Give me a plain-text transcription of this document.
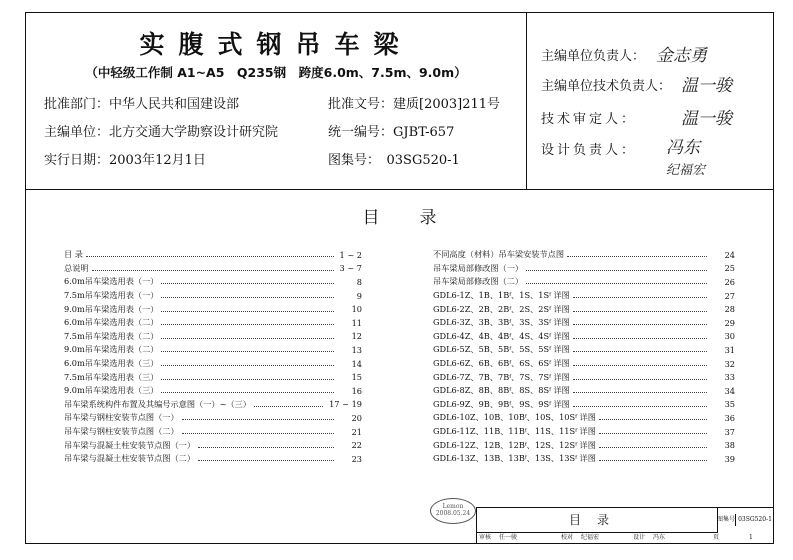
实腹式钢吊车梁
（中轻级工作制 A1~A5　Q235钢　跨度6.0m、7.5m、9.0m）
批准部门：中华人民共和国建设部	批准文号：建质[2003]211号
主编单位：北方交通大学勘察设计研究院	统一编号：GJBT-657
实行日期：2003年12月1日	图集号：　03SG520-1
主编单位负责人： 金志勇
主编单位技术负责人： 温一骏
技术审定人：	温一骏
设计负责人： 冯东
纪福宏
目录
目 录	1 ~ 2
总说明	3 ~ 7
6.0m吊车梁选用表（一）	8
7.5m吊车梁选用表（一）	9
9.0m吊车梁选用表（一）	10
6.0m吊车梁选用表（二）	11
7.5m吊车梁选用表（二）	12
9.0m吊车梁选用表（二）	13
6.0m吊车梁选用表（三）	14
7.5m吊车梁选用表（三）	15
9.0m吊车梁选用表（三）	16
吊车梁系统构件布置及其编号示意图（一）~（三）	17 ~ 19
吊车梁与钢柱安装节点图（一）	20
吊车梁与钢柱安装节点图（二）	21
吊车梁与混凝土柱安装节点图（一）	22
吊车梁与混凝土柱安装节点图（二）	23
不同高度（材料）吊车梁安装节点图	24
吊车梁局部修改图（一）	25
吊车梁局部修改图（二）	26
GDL6-1Z、1B、1Bᶠ、1S、1Sᶠ 详图	27
GDL6-2Z、2B、2Bᶠ、2S、2Sᶠ 详图	28
GDL6-3Z、3B、3Bᶠ、3S、3Sᶠ 详图	29
GDL6-4Z、4B、4Bᶠ、4S、4Sᶠ 详图	30
GDL6-5Z、5B、5Bᶠ、5S、5Sᶠ 详图	31
GDL6-6Z、6B、6Bᶠ、6S、6Sᶠ 详图	32
GDL6-7Z、7B、7Bᶠ、7S、7Sᶠ 详图	33
GDL6-8Z、8B、8Bᶠ、8S、8Sᶠ 详图	34
GDL6-9Z、9B、9Bᶠ、9S、9Sᶠ 详图	35
GDL6-10Z、10B、10Bᶠ、10S、10Sᶠ 详图	36
GDL6-11Z、11B、11Bᶠ、11S、11Sᶠ 详图	37
GDL6-12Z、12B、12Bᶠ、12S、12Sᶠ 详图	38
GDL6-13Z、13B、13Bᶠ、13S、13Sᶠ 详图	39
Lemon
2008.05.24	目录	图集号 03SG520-1
审核 任一骏	校对 纪福宏	设计 冯东	页	1
